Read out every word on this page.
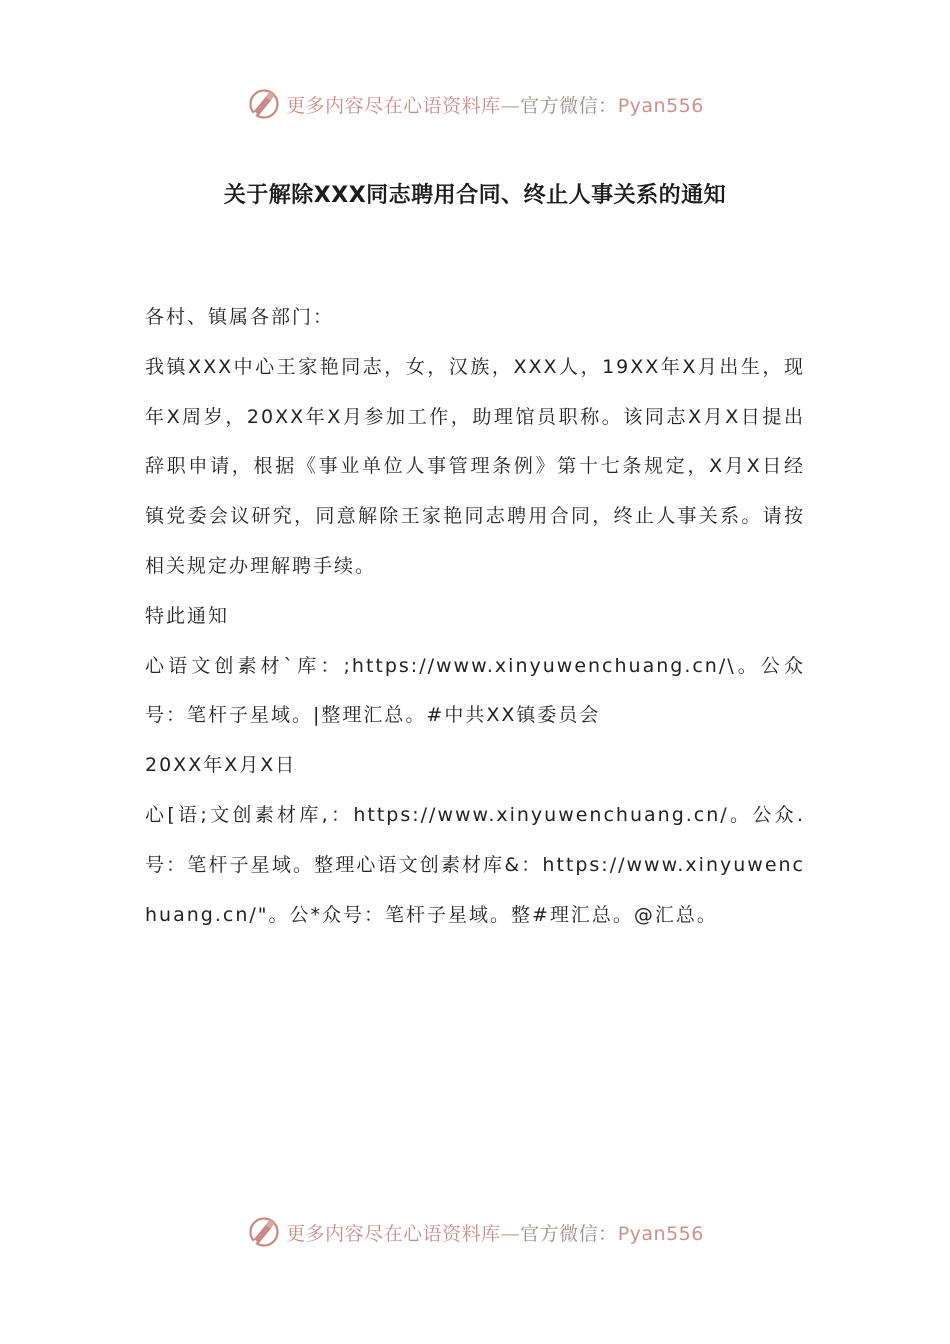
更多内容尽在心语资料库—官方微信：Pyan556
关于解除XXX同志聘用合同、终止人事关系的通知

各村、镇属各部门：

我镇XXX中心王家艳同志，女，汉族，XXX人，19XX年X月出生，现年X周岁，20XX年X月参加工作，助理馆员职称。该同志X月X日提出辞职申请，根据《事业单位人事管理条例》第十七条规定，X月X日经镇党委会议研究，同意解除王家艳同志聘用合同，终止人事关系。请按相关规定办理解聘手续。

特此通知

心语文创素材`库：;https://www.xinyuwenchuang.cn/\。公众号：笔杆子星域。|整理汇总。#中共XX镇委员会

20XX年X月X日

心[语;文创素材库,：https://www.xinyuwenchuang.cn/。公众.号：笔杆子星域。整理心语文创素材库&：https://www.xinyuwenchuang.cn/"。公*众号：笔杆子星域。整#理汇总。@汇总。

更多内容尽在心语资料库—官方微信：Pyan556
